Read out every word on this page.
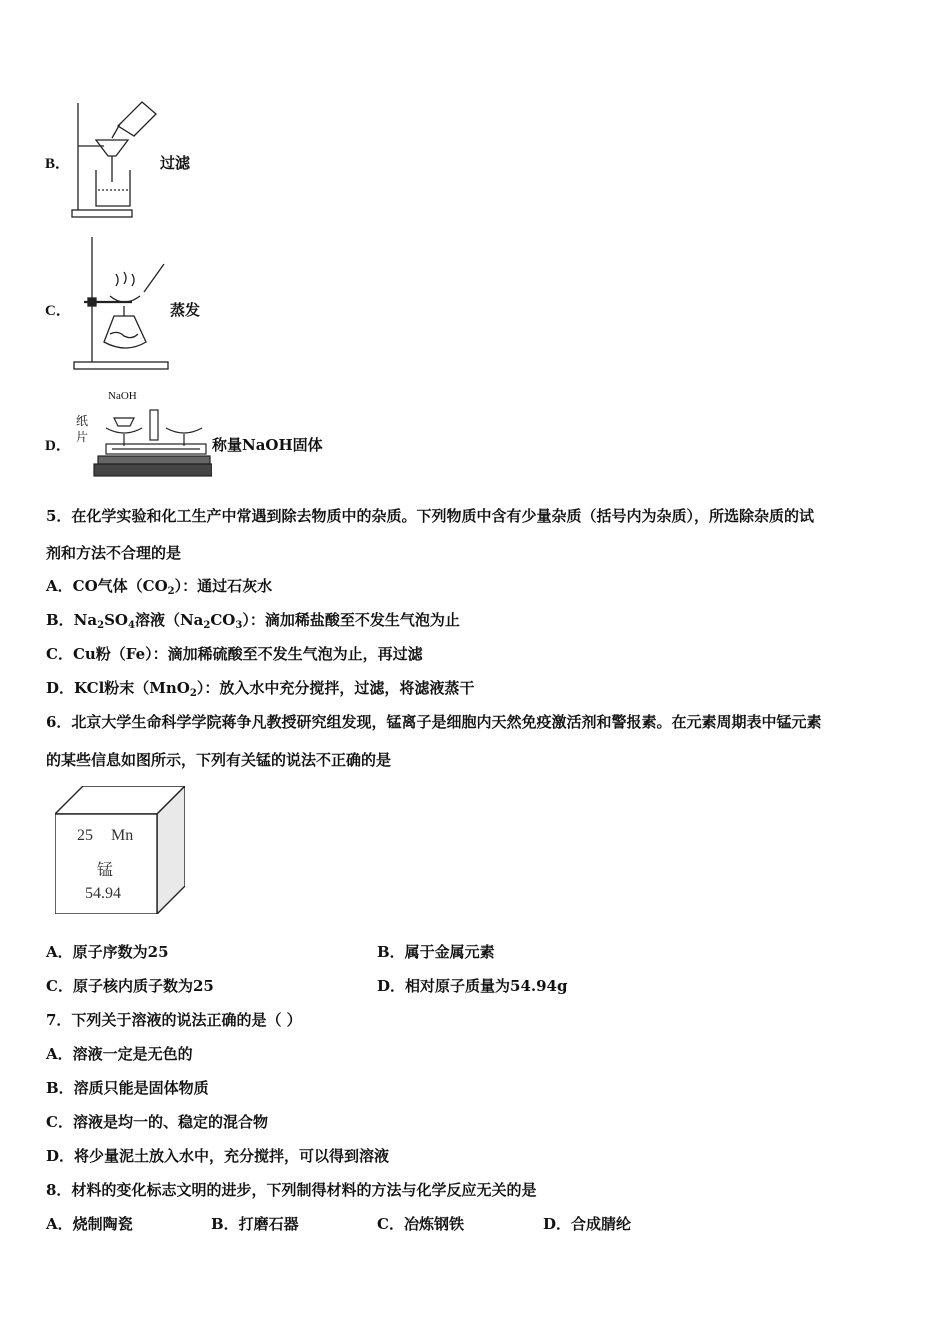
B．	过滤
C．	蒸发
D．
NaOH
纸
片	称量NaOH固体
5．在化学实验和化工生产中常遇到除去物质中的杂质。下列物质中含有少量杂质（括号内为杂质），所选除杂质的试
剂和方法不合理的是
A．CO气体$(CO_2)$：通过石灰水
B．$Na_2SO_4$溶液$(Na_2CO_3)$：滴加稀盐酸至不发生气泡为止
C．Cu粉（Fe）：滴加稀硫酸至不发生气泡为止，再过滤
D．KCl粉末（MnO$_2$）：放入水中充分搅拌，过滤，将滤液蒸干
6．北京大学生命科学学院蒋争凡教授研究组发现，锰离子是细胞内天然免疫激活剂和警报素。在元素周期表中锰元素
的某些信息如图所示，下列有关锰的说法不正确的是
25 Mn
锰
54.94
A．原子序数为25	B．属于金属元素
C．原子核内质子数为25	D．相对原子质量为54.94g
7．下列关于溶液的说法正确的是（ ）
A．溶液一定是无色的
B．溶质只能是固体物质
C．溶液是均一的、稳定的混合物
D．将少量泥土放入水中，充分搅拌，可以得到溶液
8．材料的变化标志文明的进步，下列制得材料的方法与化学反应无关的是
A．烧制陶瓷	B．打磨石器	C．冶炼钢铁	D．合成腈纶
